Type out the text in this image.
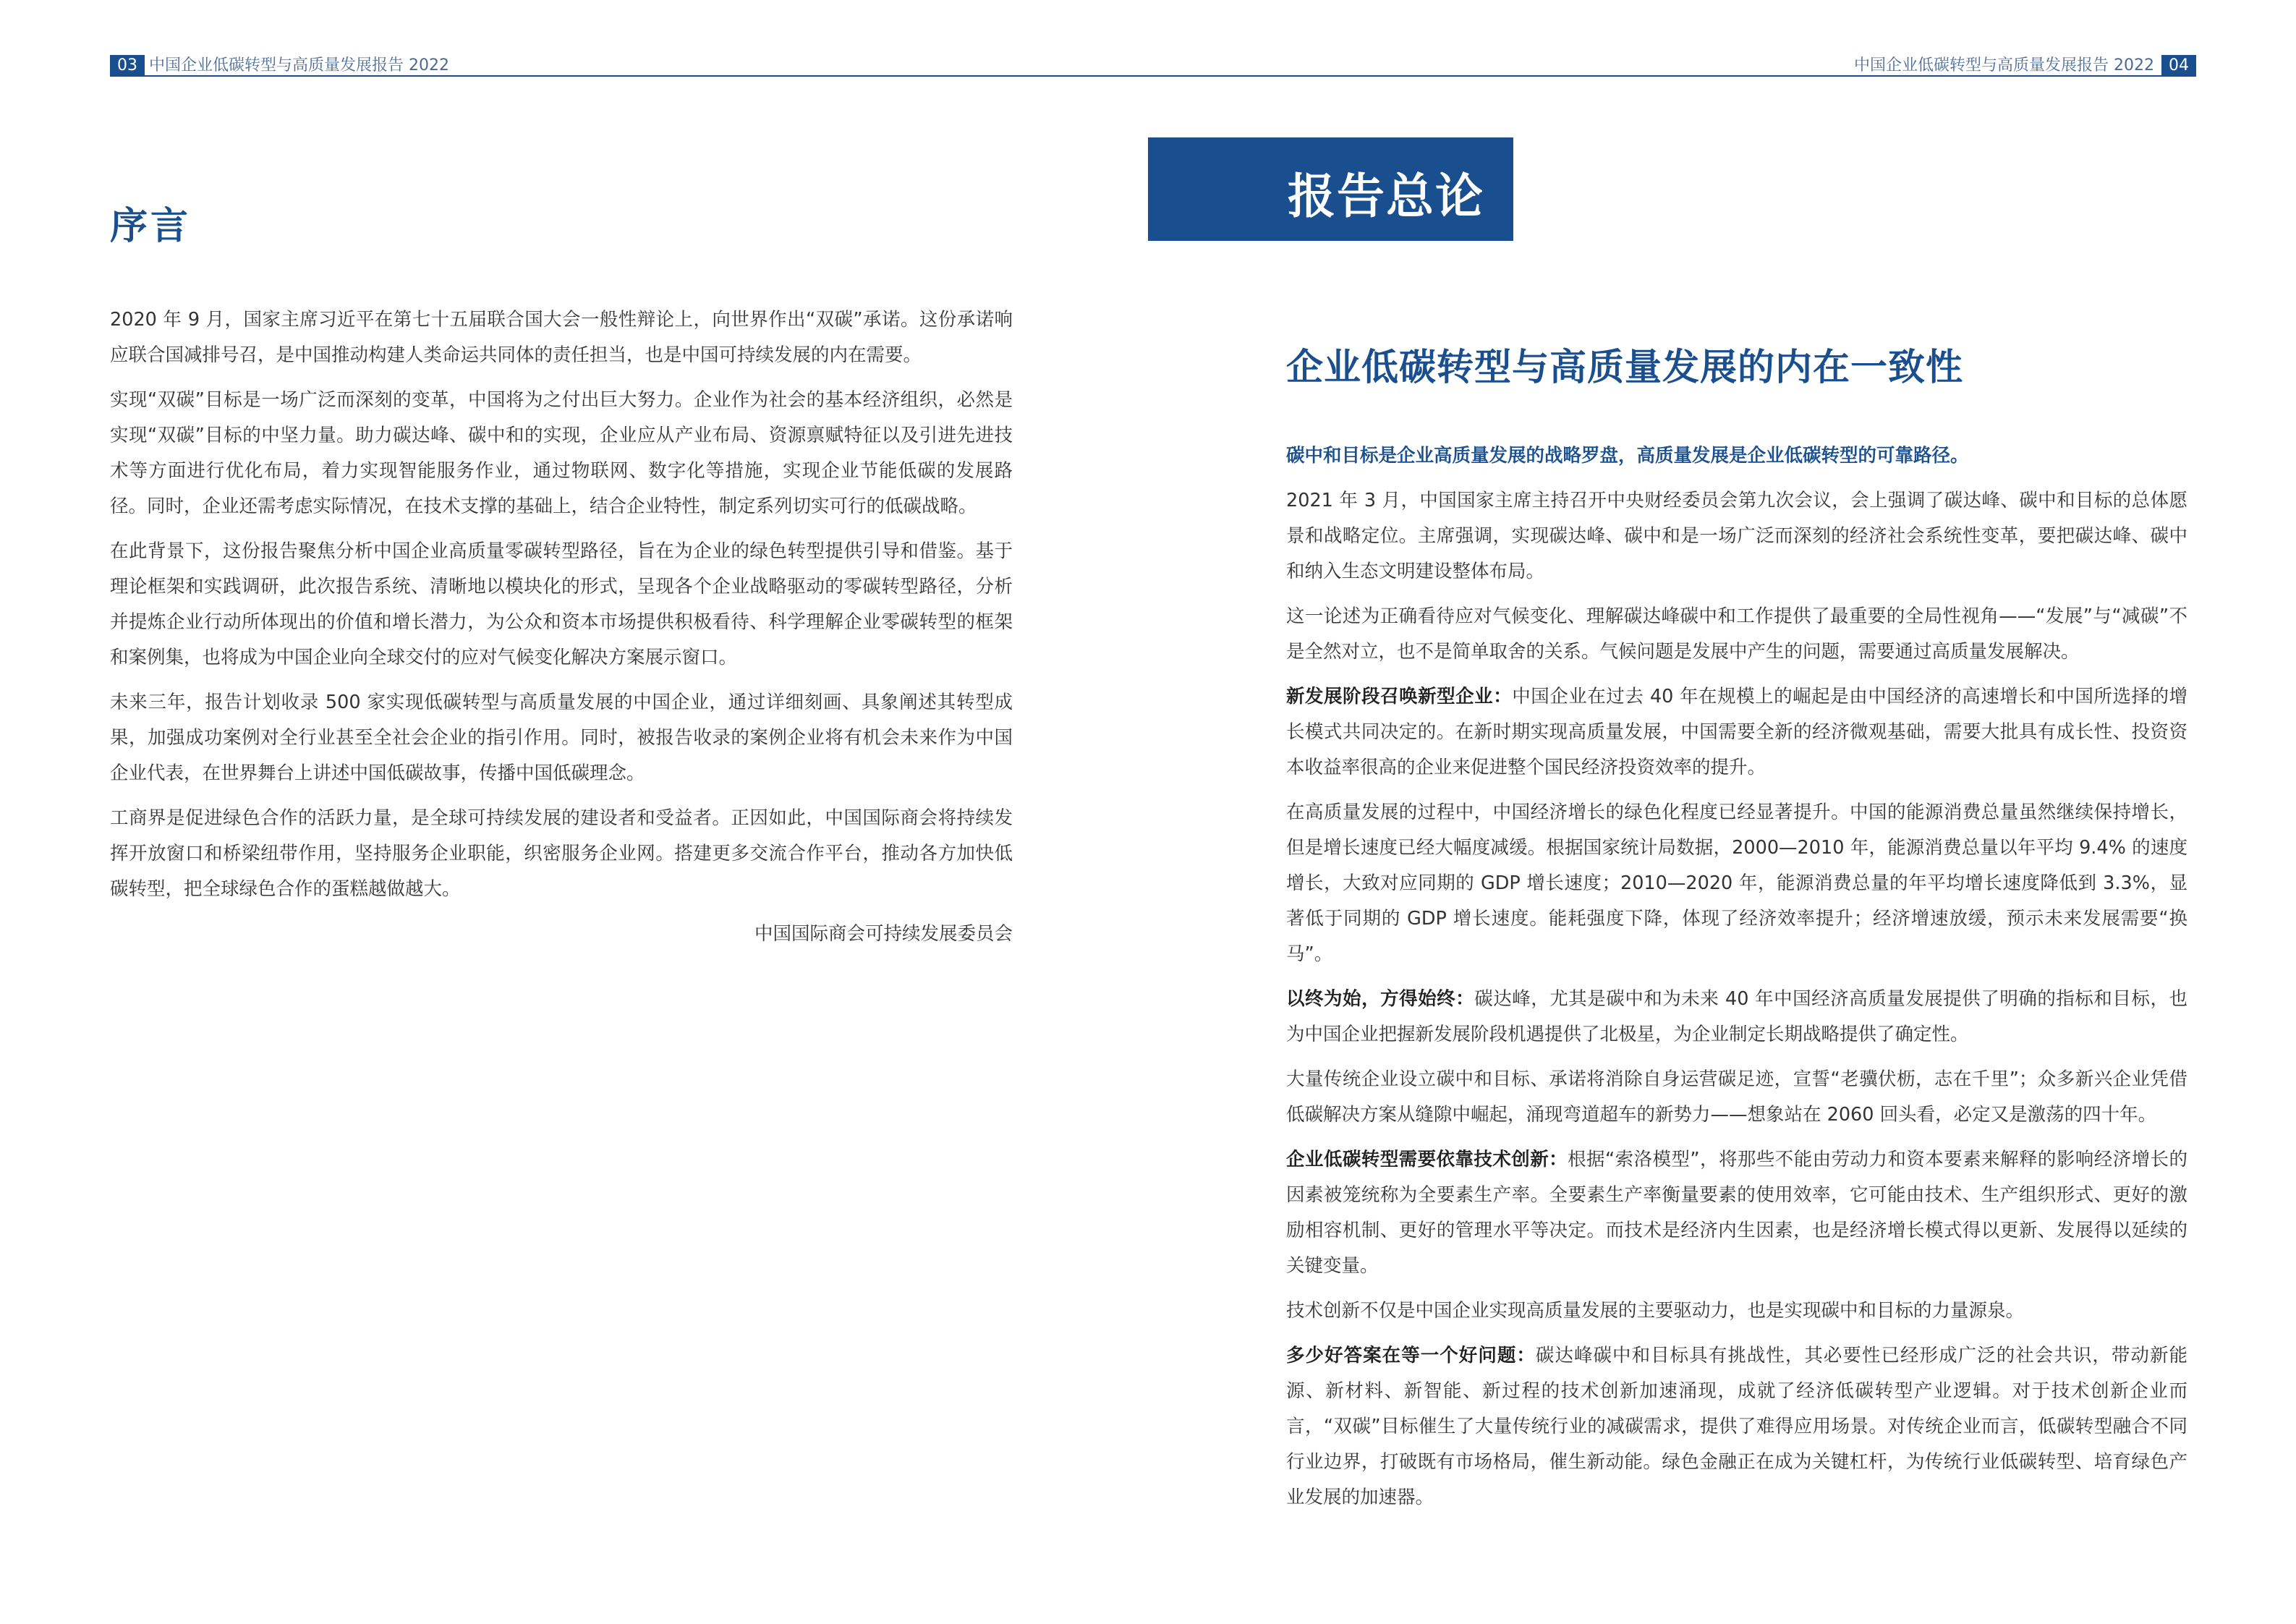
03 中国企业低碳转型与高质量发展报告 2022	中国企业低碳转型与高质量发展报告 2022 04
序言

2020 年 9 月，国家主席习近平在第七十五届联合国大会一般性辩论上，向世界作出“双碳”承诺。这份承诺响应联合国减排号召，是中国推动构建人类命运共同体的责任担当，也是中国可持续发展的内在需要。

实现“双碳”目标是一场广泛而深刻的变革，中国将为之付出巨大努力。企业作为社会的基本经济组织，必然是实现“双碳”目标的中坚力量。助力碳达峰、碳中和的实现，企业应从产业布局、资源禀赋特征以及引进先进技术等方面进行优化布局，着力实现智能服务作业，通过物联网、数字化等措施，实现企业节能低碳的发展路径。同时，企业还需考虑实际情况，在技术支撑的基础上，结合企业特性，制定系列切实可行的低碳战略。

在此背景下，这份报告聚焦分析中国企业高质量零碳转型路径，旨在为企业的绿色转型提供引导和借鉴。基于理论框架和实践调研，此次报告系统、清晰地以模块化的形式，呈现各个企业战略驱动的零碳转型路径，分析并提炼企业行动所体现出的价值和增长潜力，为公众和资本市场提供积极看待、科学理解企业零碳转型的框架和案例集，也将成为中国企业向全球交付的应对气候变化解决方案展示窗口。

未来三年，报告计划收录 500 家实现低碳转型与高质量发展的中国企业，通过详细刻画、具象阐述其转型成果，加强成功案例对全行业甚至全社会企业的指引作用。同时，被报告收录的案例企业将有机会未来作为中国企业代表，在世界舞台上讲述中国低碳故事，传播中国低碳理念。

工商界是促进绿色合作的活跃力量，是全球可持续发展的建设者和受益者。正因如此，中国国际商会将持续发挥开放窗口和桥梁纽带作用，坚持服务企业职能，织密服务企业网。搭建更多交流合作平台，推动各方加快低碳转型，把全球绿色合作的蛋糕越做越大。

中国国际商会可持续发展委员会
报告总论
企业低碳转型与高质量发展的内在一致性

碳中和目标是企业高质量发展的战略罗盘，高质量发展是企业低碳转型的可靠路径。

2021 年 3 月，中国国家主席主持召开中央财经委员会第九次会议，会上强调了碳达峰、碳中和目标的总体愿景和战略定位。主席强调，实现碳达峰、碳中和是一场广泛而深刻的经济社会系统性变革，要把碳达峰、碳中和纳入生态文明建设整体布局。

这一论述为正确看待应对气候变化、理解碳达峰碳中和工作提供了最重要的全局性视角——“发展”与“减碳”不是全然对立，也不是简单取舍的关系。气候问题是发展中产生的问题，需要通过高质量发展解决。

新发展阶段召唤新型企业：中国企业在过去 40 年在规模上的崛起是由中国经济的高速增长和中国所选择的增长模式共同决定的。在新时期实现高质量发展，中国需要全新的经济微观基础，需要大批具有成长性、投资资本收益率很高的企业来促进整个国民经济投资效率的提升。

在高质量发展的过程中，中国经济增长的绿色化程度已经显著提升。中国的能源消费总量虽然继续保持增长，但是增长速度已经大幅度减缓。根据国家统计局数据，2000—2010 年，能源消费总量以年平均 9.4% 的速度增长，大致对应同期的 GDP 增长速度；2010—2020 年，能源消费总量的年平均增长速度降低到 3.3%，显著低于同期的 GDP 增长速度。能耗强度下降，体现了经济效率提升；经济增速放缓，预示未来发展需要“换马”。

以终为始，方得始终：碳达峰，尤其是碳中和为未来 40 年中国经济高质量发展提供了明确的指标和目标，也为中国企业把握新发展阶段机遇提供了北极星，为企业制定长期战略提供了确定性。

大量传统企业设立碳中和目标、承诺将消除自身运营碳足迹，宣誓“老骥伏枥，志在千里”；众多新兴企业凭借低碳解决方案从缝隙中崛起，涌现弯道超车的新势力——想象站在 2060 回头看，必定又是激荡的四十年。

企业低碳转型需要依靠技术创新：根据“索洛模型”，将那些不能由劳动力和资本要素来解释的影响经济增长的因素被笼统称为全要素生产率。全要素生产率衡量要素的使用效率，它可能由技术、生产组织形式、更好的激励相容机制、更好的管理水平等决定。而技术是经济内生因素，也是经济增长模式得以更新、发展得以延续的关键变量。

技术创新不仅是中国企业实现高质量发展的主要驱动力，也是实现碳中和目标的力量源泉。

多少好答案在等一个好问题：碳达峰碳中和目标具有挑战性，其必要性已经形成广泛的社会共识，带动新能源、新材料、新智能、新过程的技术创新加速涌现，成就了经济低碳转型产业逻辑。对于技术创新企业而言，“双碳”目标催生了大量传统行业的减碳需求，提供了难得应用场景。对传统企业而言，低碳转型融合不同行业边界，打破既有市场格局，催生新动能。绿色金融正在成为关键杠杆，为传统行业低碳转型、培育绿色产业发展的加速器。
